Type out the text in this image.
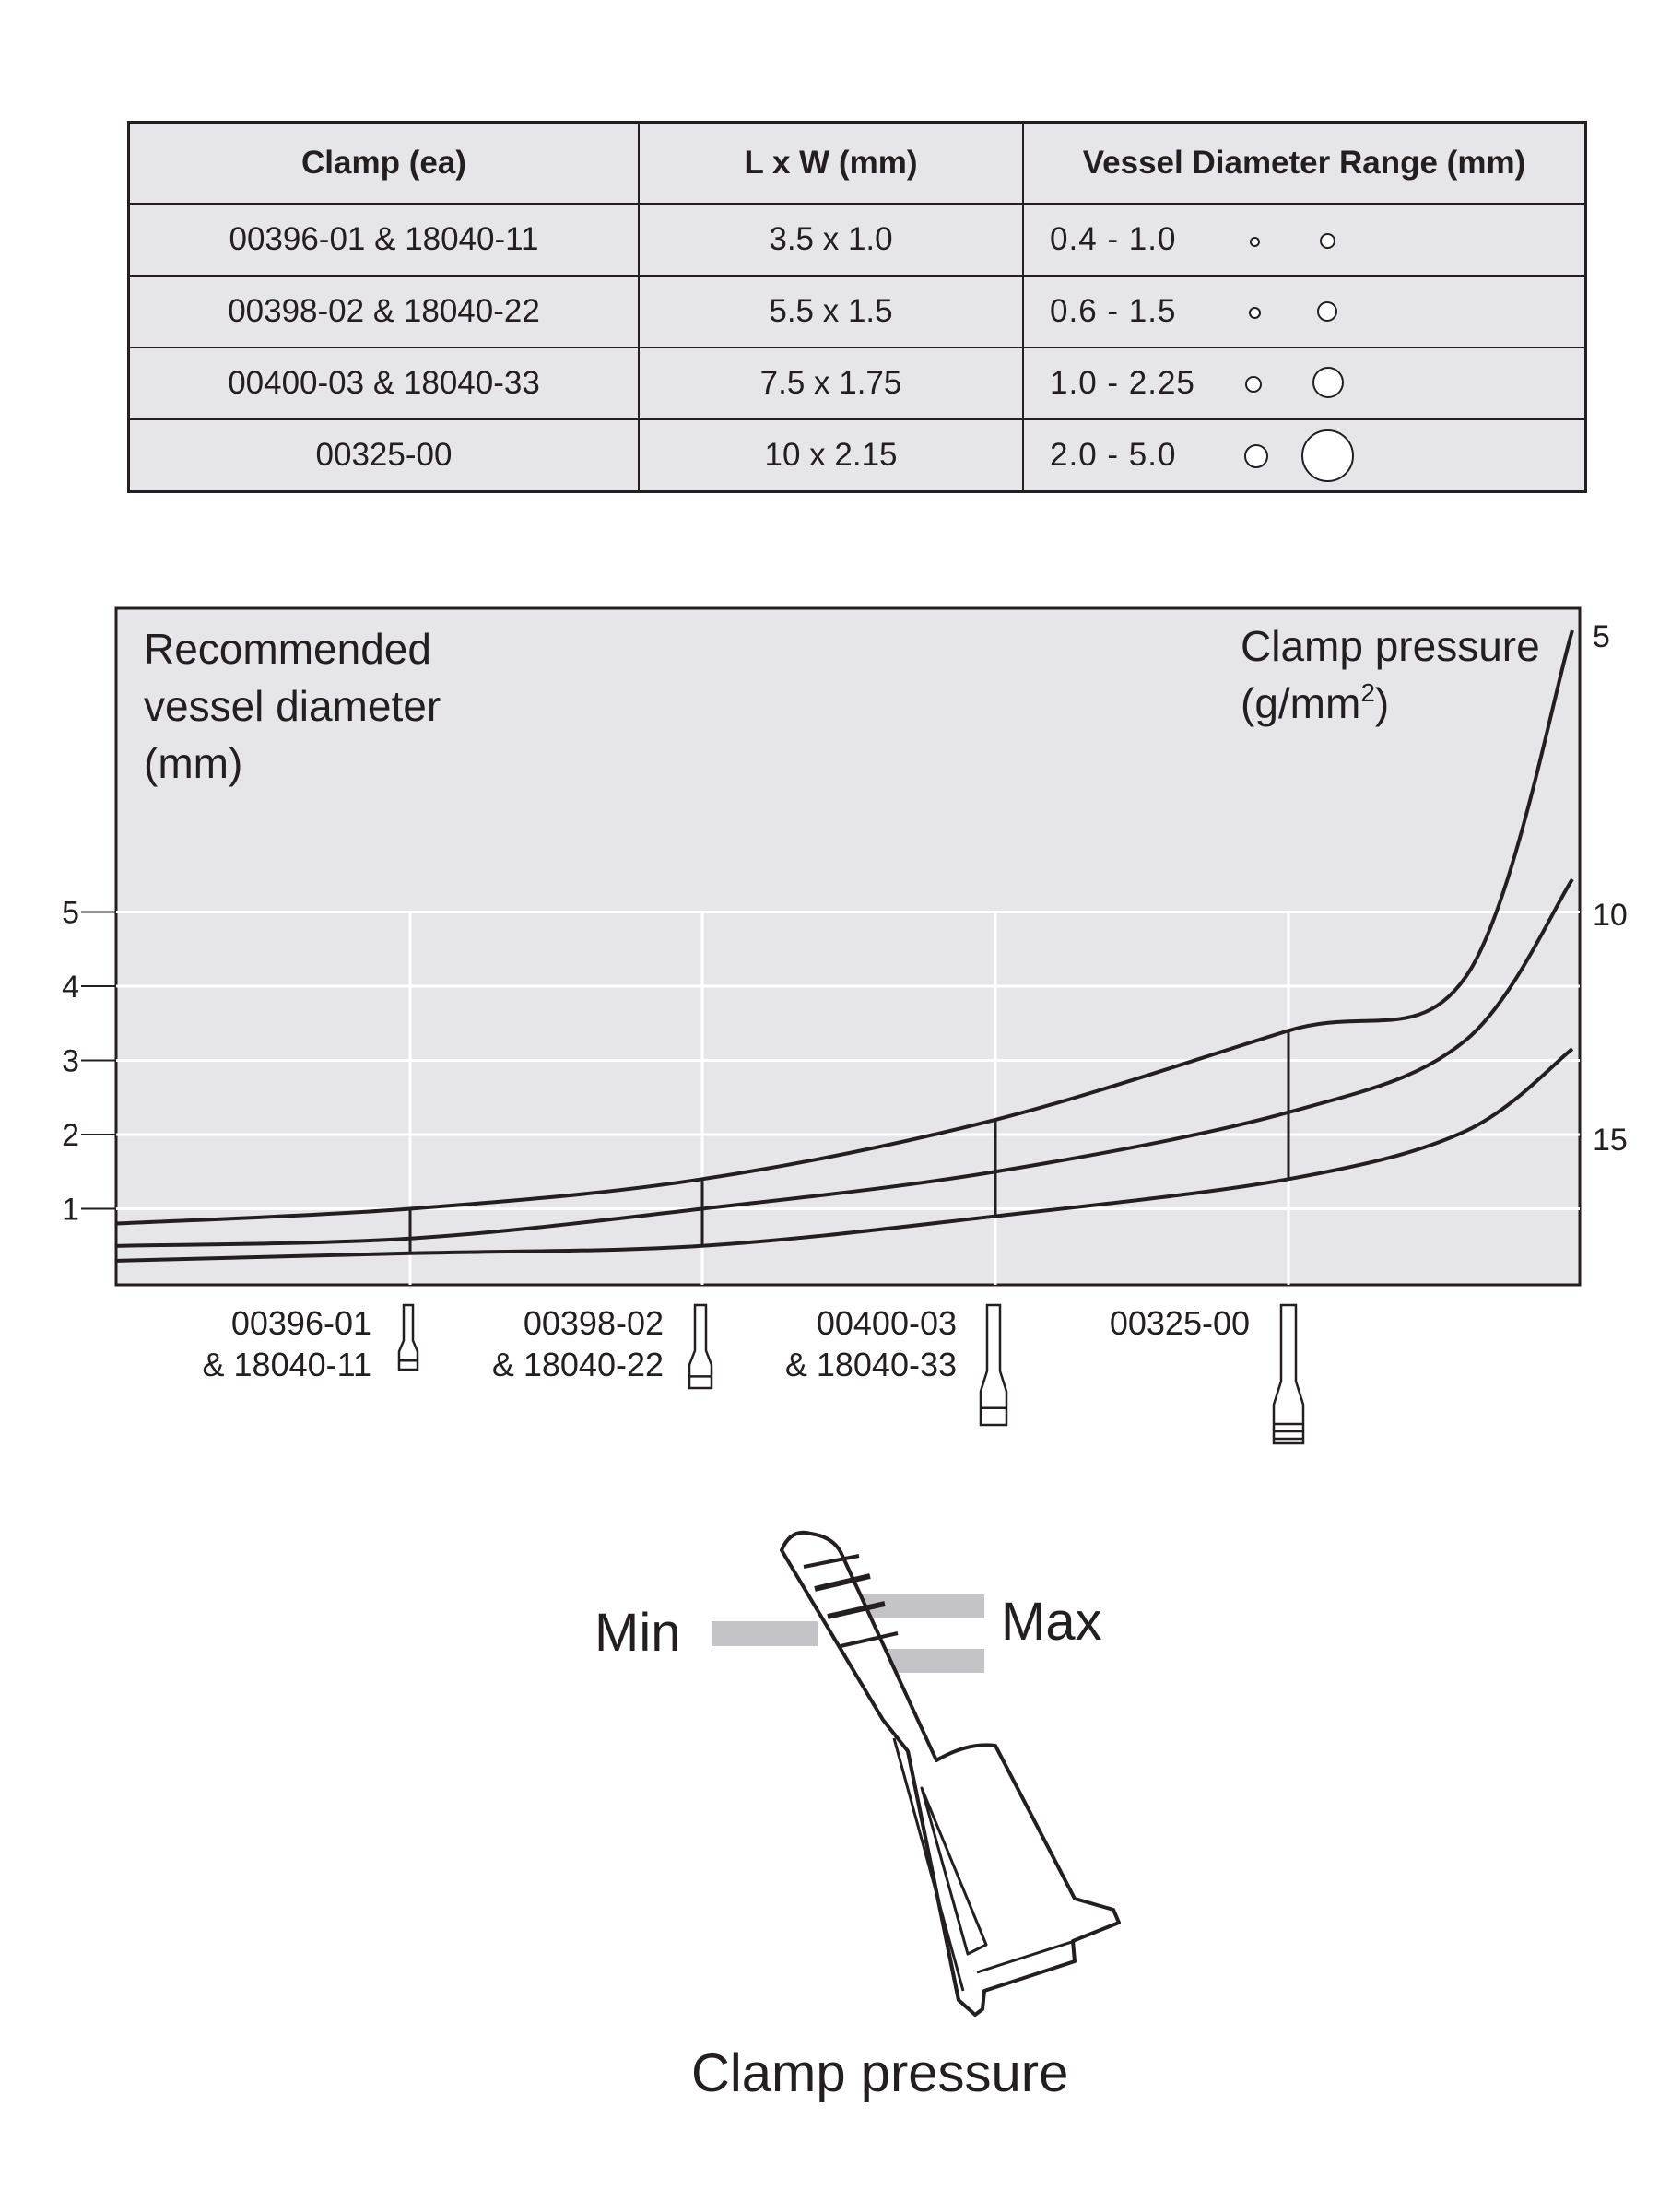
Clamp (ea)	L x W (mm)	Vessel Diameter Range (mm)
00396-01 & 18040-11	3.5 x 1.0	0.4 - 1.0

00398-02 & 18040-22	5.5 x 1.5	0.6 - 1.5

00400-03 & 18040-33	7.5 x 1.75	1.0 - 2.25

00325-00	10 x 2.15	2.0 - 5.0
1
2
3
4
5
5
10
15
Recommended
vessel diameter
(mm)
Clamp pressure
$(g/mm^2)$
00396-01
& 18040-11
00398-02
& 18040-22
00400-03
& 18040-33
00325-00
Min	Max
Clamp pressure
